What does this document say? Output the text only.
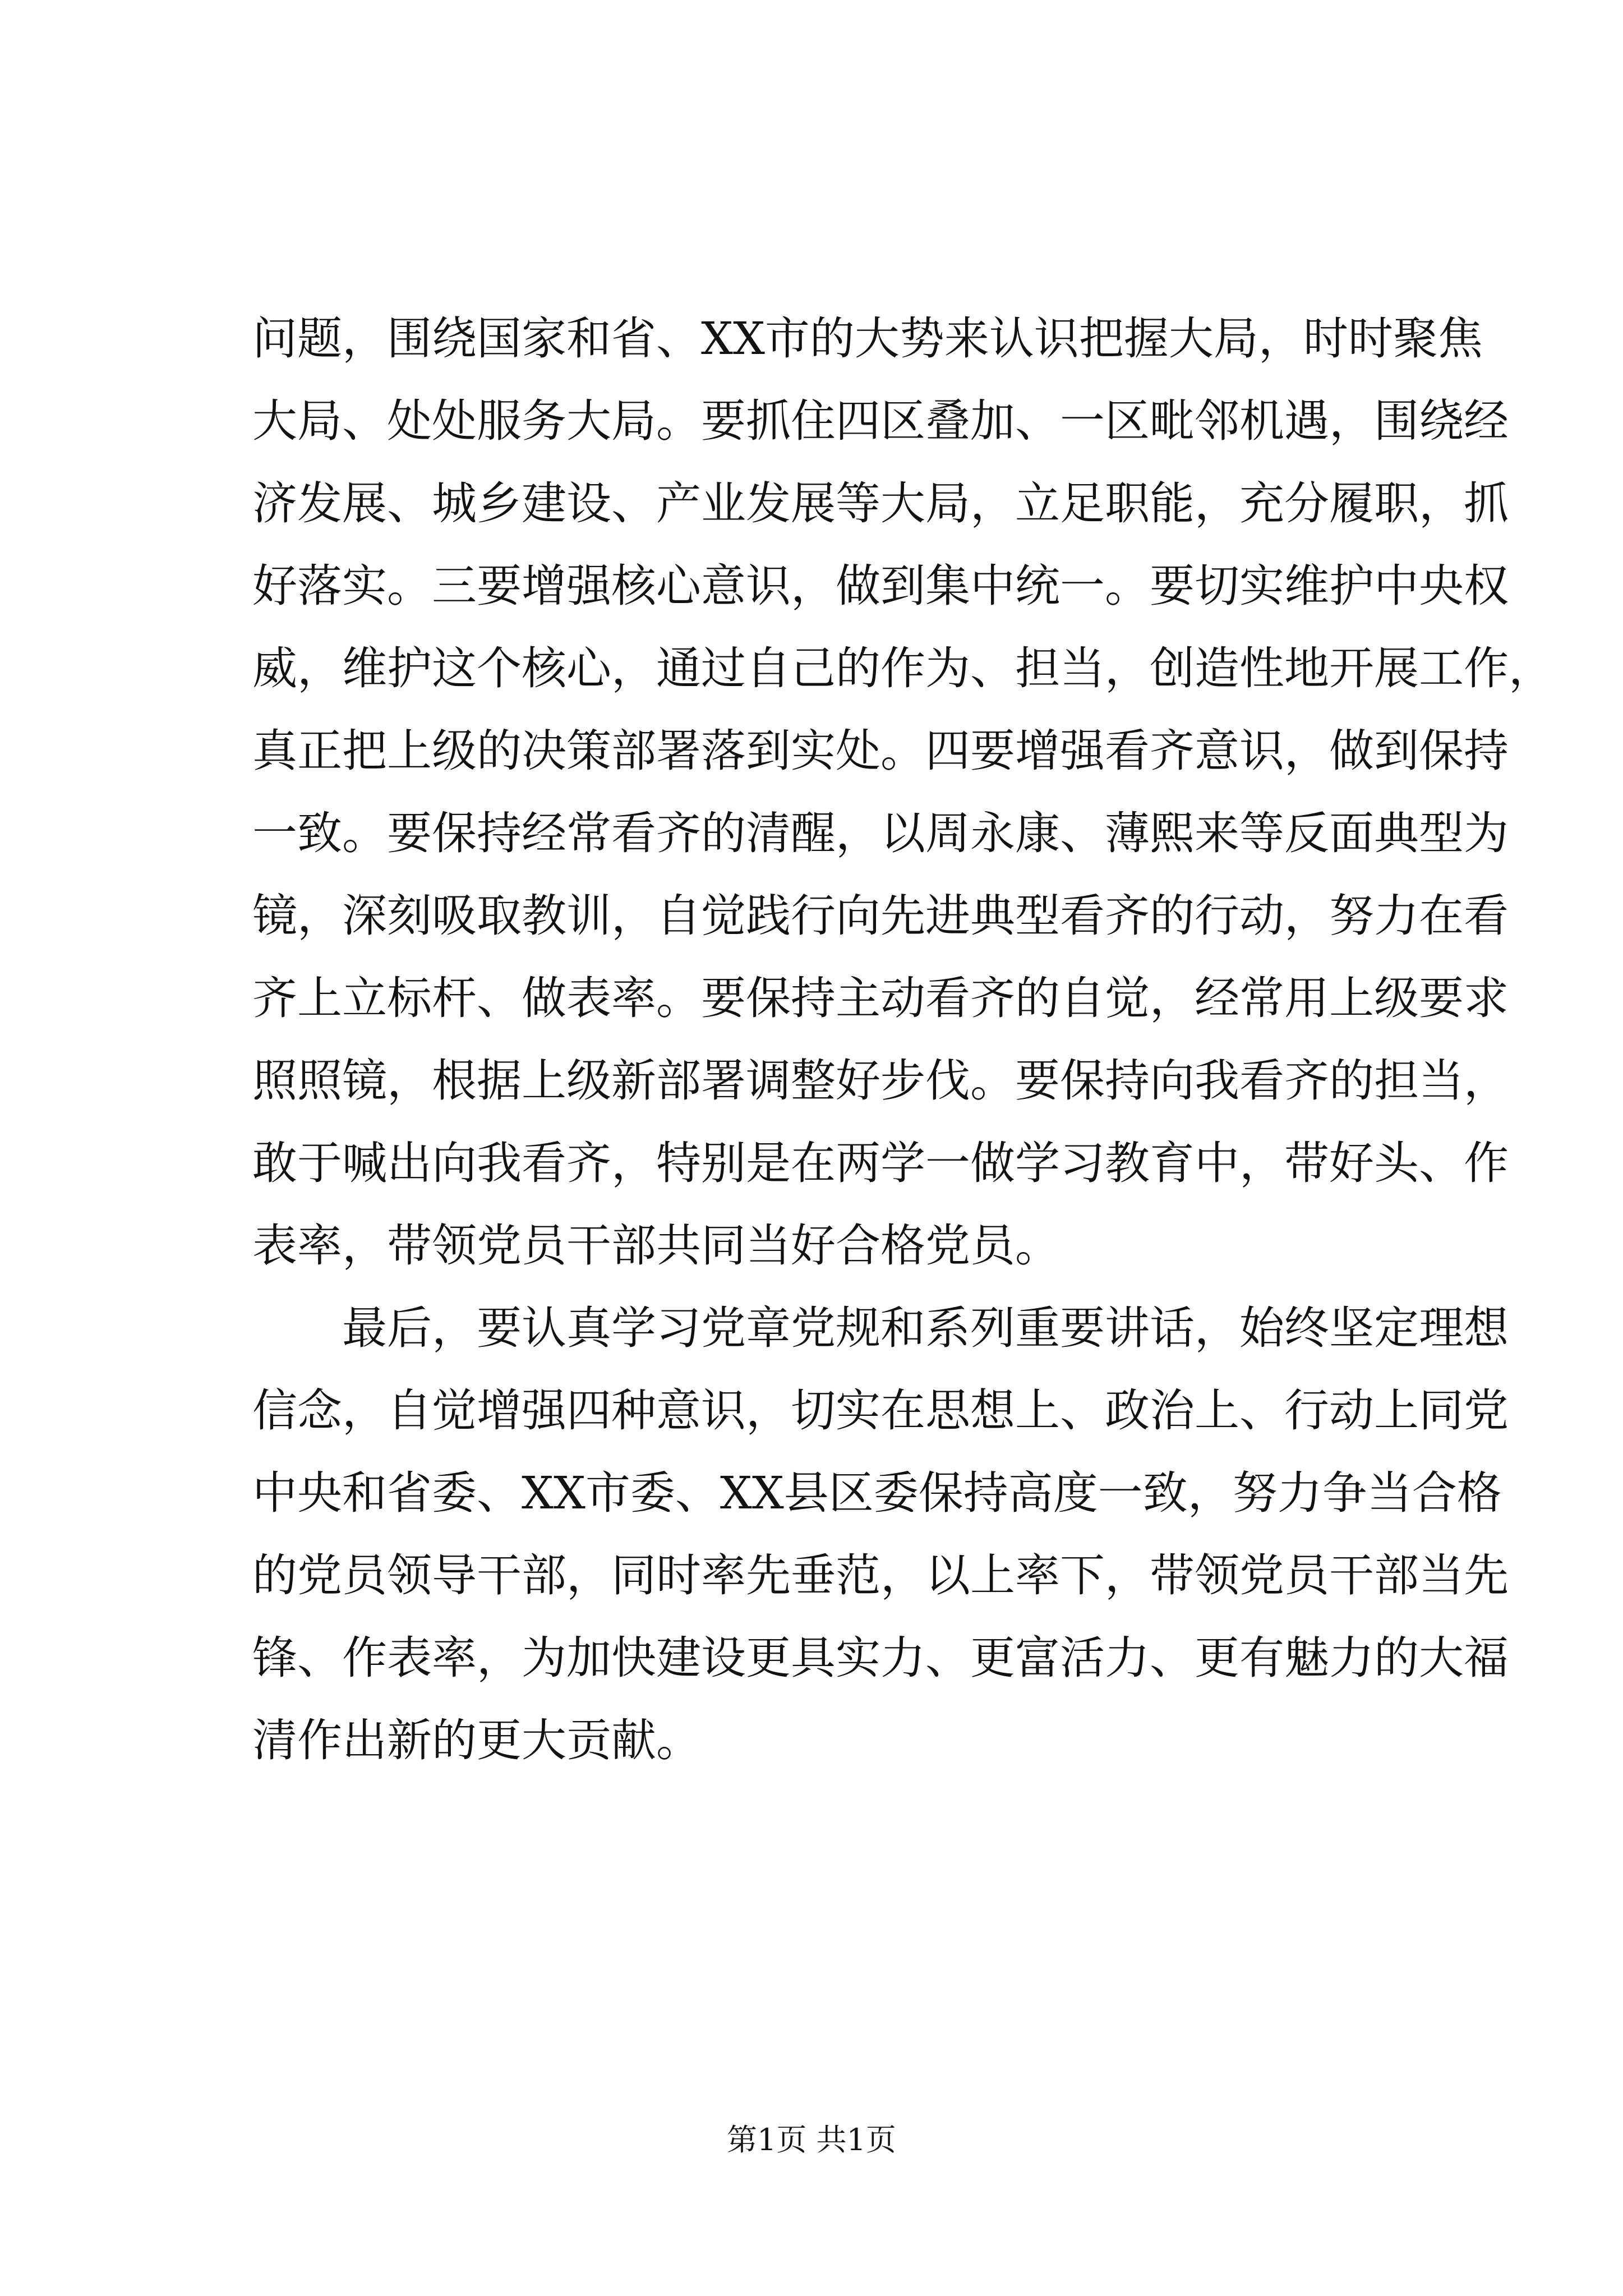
问题，围绕国家和省、XX市的大势来认识把握大局，时时聚焦
大局、处处服务大局。要抓住四区叠加、一区毗邻机遇，围绕经
济发展、城乡建设、产业发展等大局，立足职能，充分履职，抓
好落实。三要增强核心意识，做到集中统一。要切实维护中央权
威，维护这个核心，通过自己的作为、担当，创造性地开展工作，
真正把上级的决策部署落到实处。四要增强看齐意识，做到保持
一致。要保持经常看齐的清醒，以周永康、薄熙来等反面典型为
镜，深刻吸取教训，自觉践行向先进典型看齐的行动，努力在看
齐上立标杆、做表率。要保持主动看齐的自觉，经常用上级要求
照照镜，根据上级新部署调整好步伐。要保持向我看齐的担当，
敢于喊出向我看齐，特别是在两学一做学习教育中，带好头、作
表率，带领党员干部共同当好合格党员。
最后，要认真学习党章党规和系列重要讲话，始终坚定理想
信念，自觉增强四种意识，切实在思想上、政治上、行动上同党
中央和省委、XX市委、XX县区委保持高度一致，努力争当合格
的党员领导干部，同时率先垂范，以上率下，带领党员干部当先
锋、作表率，为加快建设更具实力、更富活力、更有魅力的大福
清作出新的更大贡献。
第1页 共1页
